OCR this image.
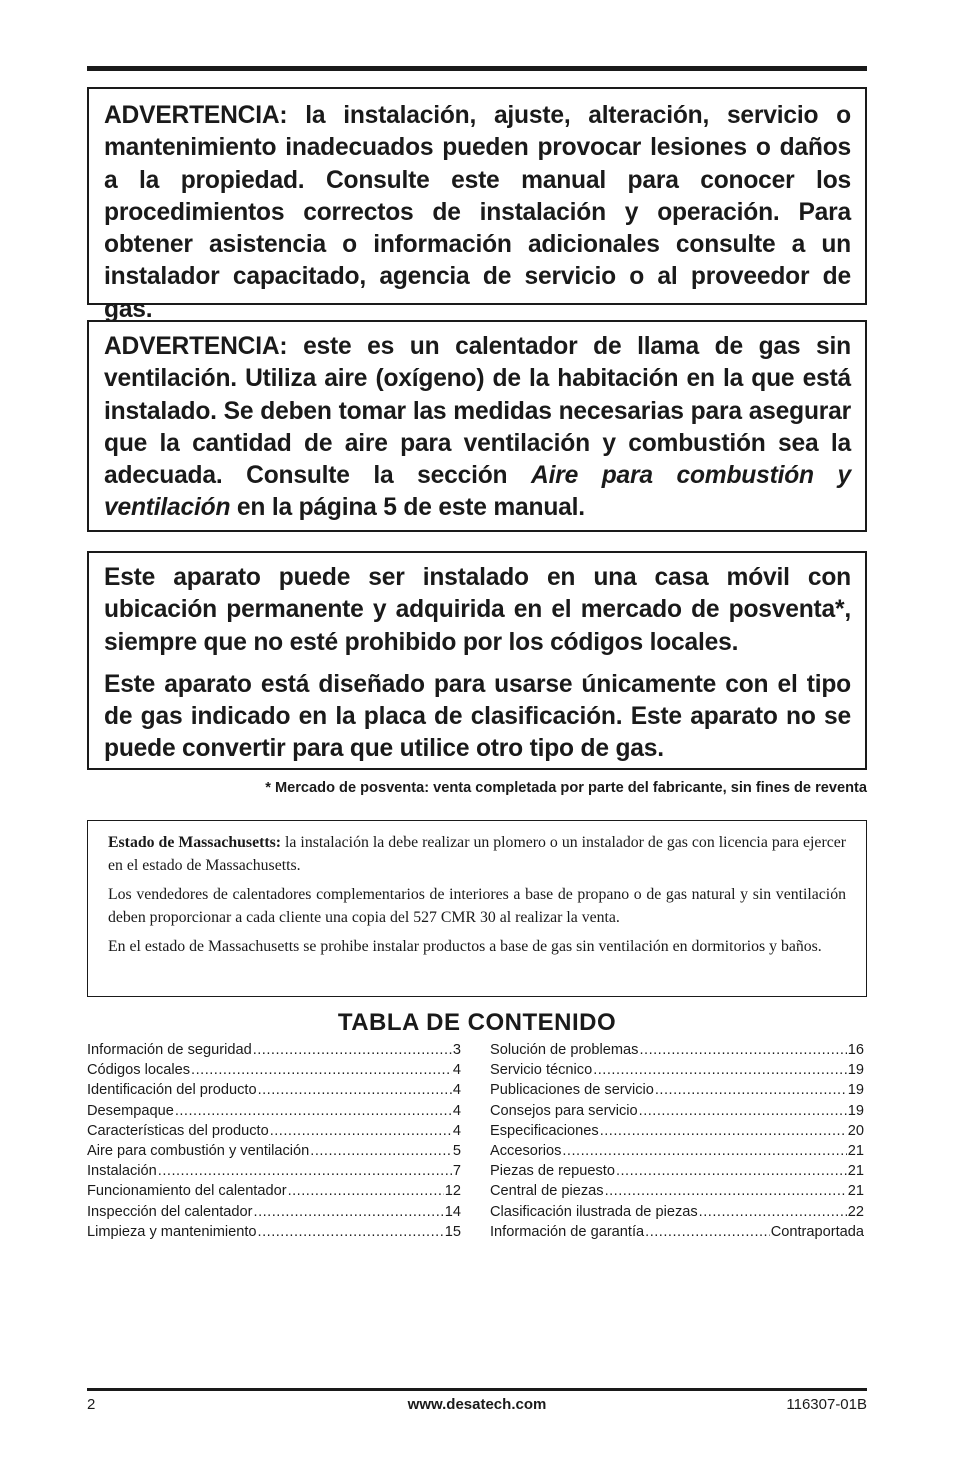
ADVERTENCIA: la instalación, ajuste, alteración, servicio o mantenimiento inadecuados pueden provocar lesiones o daños a la propiedad. Consulte este manual para conocer los procedimientos correctos de instalación y operación. Para obtener asistencia o información adicionales consulte a un instalador capacitado, agencia de servicio o al proveedor de gas.

ADVERTENCIA: este es un calentador de llama de gas sin ventilación. Utiliza aire (oxígeno) de la habitación en la que está instalado. Se deben tomar las medidas necesarias para asegurar que la cantidad de aire para ventilación y combustión sea la adecuada. Consulte la sección Aire para combustión y ventilación en la página 5 de este manual.

Este aparato puede ser instalado en una casa móvil con ubicación permanente y adquirida en el mercado de posventa*, siempre que no esté prohibido por los códigos locales.

Este aparato está diseñado para usarse únicamente con el tipo de gas indicado en la placa de clasificación. Este aparato no se puede convertir para que utilice otro tipo de gas.

* Mercado de posventa: venta completada por parte del fabricante, sin fines de reventa

Estado de Massachusetts: la instalación la debe realizar un plomero o un instalador de gas con licencia para ejercer en el estado de Massachusetts.

Los vendedores de calentadores complementarios de interiores a base de propano o de gas natural y sin ventilación deben proporcionar a cada cliente una copia del 527 CMR 30 al realizar la venta.

En el estado de Massachusetts se prohibe instalar productos a base de gas sin ventilación en dormitorios y baños.

TABLA DE CONTENIDO
Información de seguridad .....	3
Códigos locales .....	4
Identificación del producto .....	4
Desempaque .....	4
Características del producto .....	4
Aire para combustión y ventilación .....	5
Instalación .....	7
Funcionamiento del calentador .....	12
Inspección del calentador .....	14
Limpieza y mantenimiento .....	15
Solución de problemas .....	16
Servicio técnico .....	19
Publicaciones de servicio .....	19
Consejos para servicio .....	19
Especificaciones .....	20
Accesorios .....	21
Piezas de repuesto .....	21
Central de piezas .....	21
Clasificación ilustrada de piezas .....	22
Información de garantía .....	Contraportada
2	www.desatech.com	116307-01B
